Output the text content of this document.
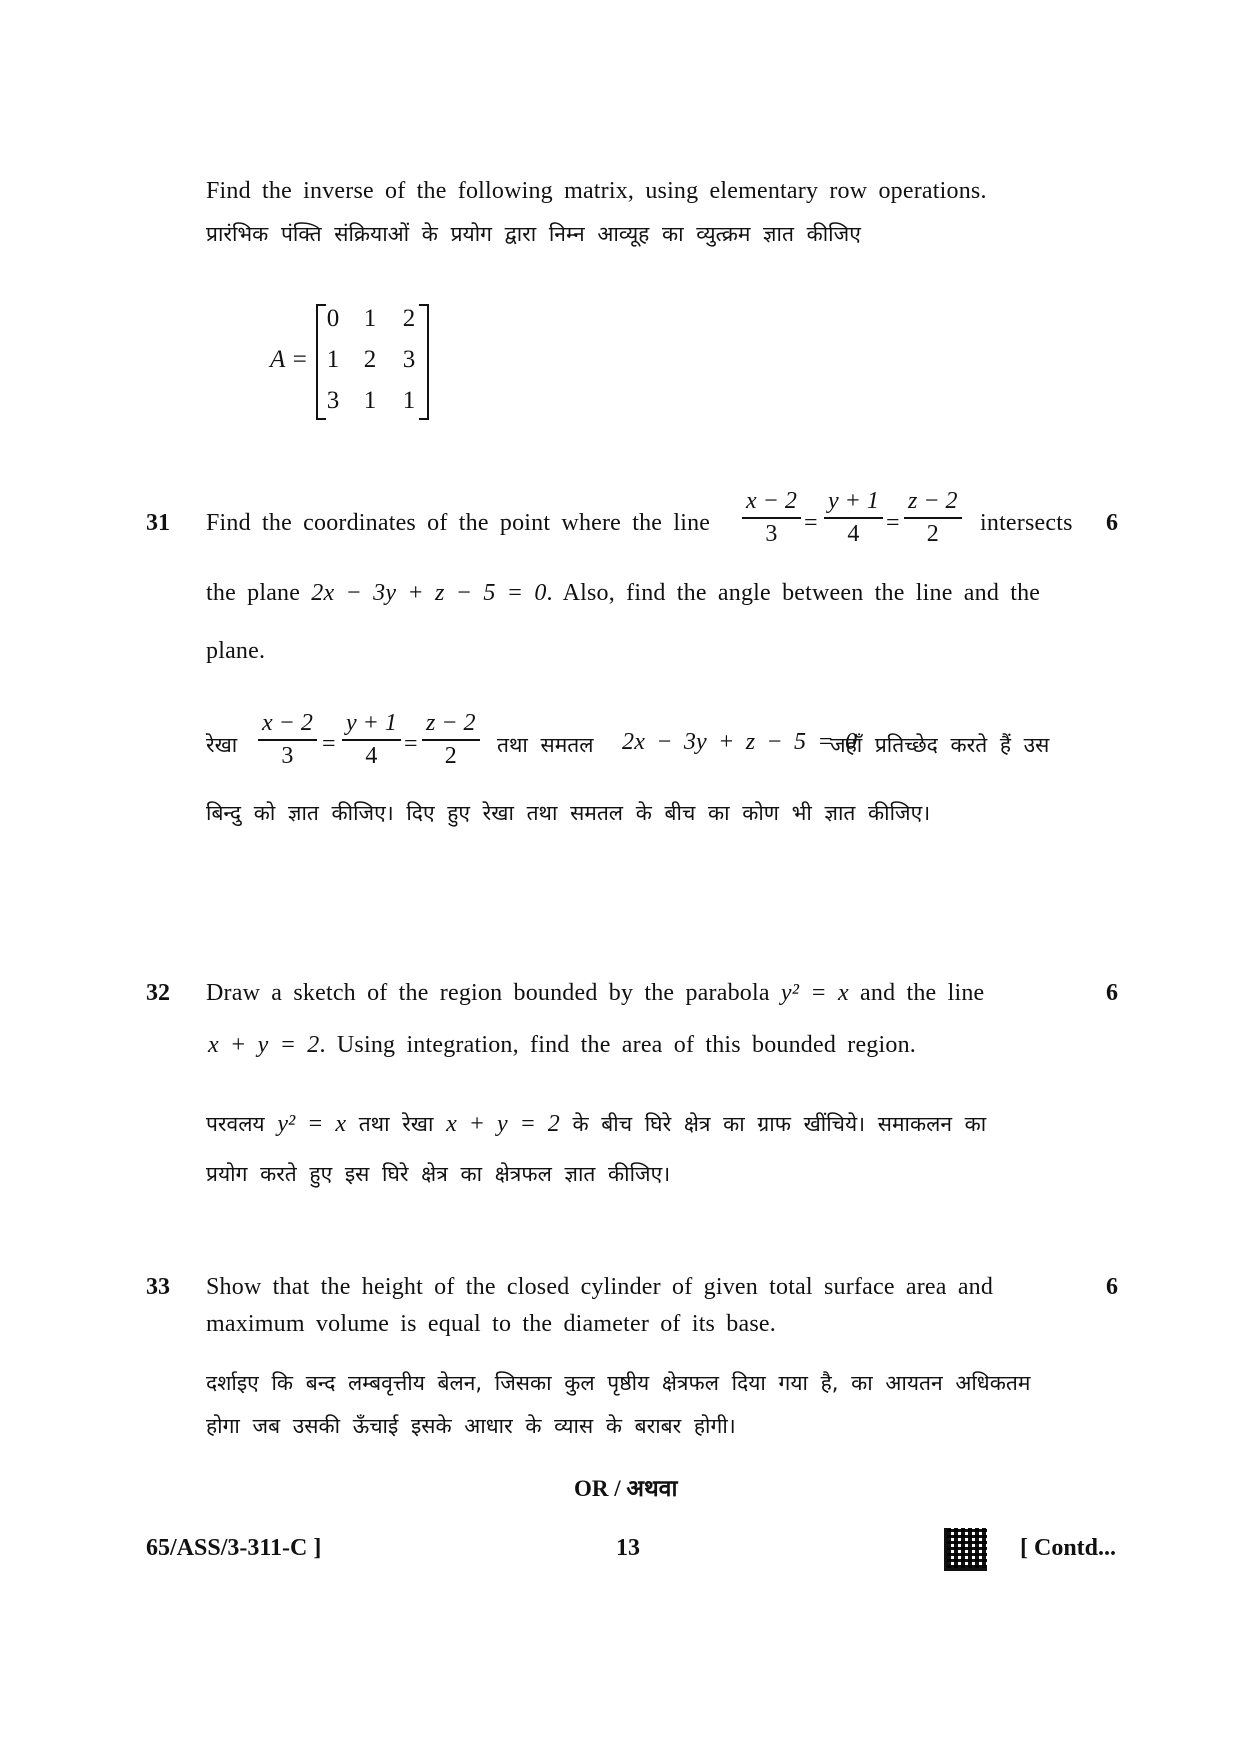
Find the inverse of the following matrix, using elementary row operations.
प्रारंभिक पंक्ति संक्रियाओं के प्रयोग द्वारा निम्न आव्यूह का व्युत्क्रम ज्ञात कीजिए
A =
0 1	2
1 2	3
3 1	1
31 Find the coordinates of the point where the line
x − 2
3	=
y + 1
4	=
z − 2
2	intersects 6
the plane 2x − 3y + z − 5 = 0. Also, find the angle between the line and the
plane.
रेखा
x − 2
3	=
y + 1
4	=
z − 2
2	तथा समतल 2x − 3y + z − 5 = 0
जहाँ प्रतिच्छेद करते हैं उस
बिन्दु को ज्ञात कीजिए। दिए हुए रेखा तथा समतल के बीच का कोण भी ज्ञात कीजिए।
32 Draw a sketch of the region bounded by the parabola y² = x and the line	6
x + y = 2. Using integration, find the area of this bounded region.
परवलय y² = x तथा रेखा x + y = 2 के बीच घिरे क्षेत्र का ग्राफ खींचिये। समाकलन का
प्रयोग करते हुए इस घिरे क्षेत्र का क्षेत्रफल ज्ञात कीजिए।
33 Show that the height of the closed cylinder of given total surface area and	6
maximum volume is equal to the diameter of its base.
दर्शाइए कि बन्द लम्बवृत्तीय बेलन, जिसका कुल पृष्ठीय क्षेत्रफल दिया गया है, का आयतन अधिकतम
होगा जब उसकी ऊँचाई इसके आधार के व्यास के बराबर होगी।
OR / अथवा
65/ASS/3-311-C ]	13	[ Contd...
